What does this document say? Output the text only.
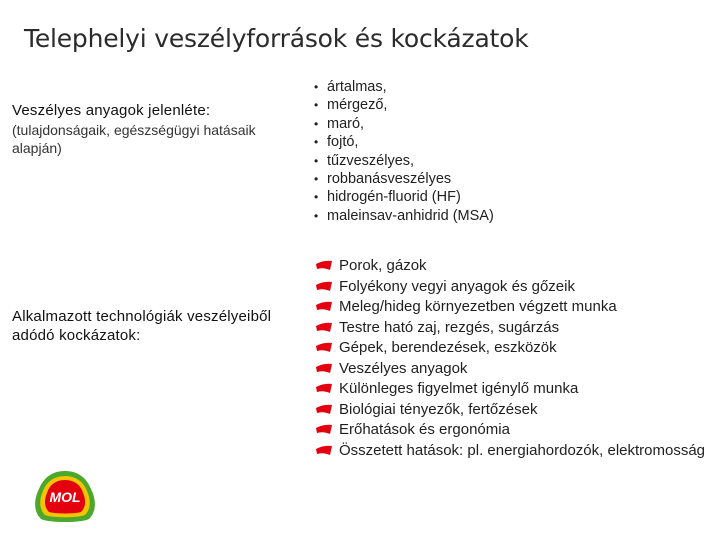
Telephelyi veszélyforrások és kockázatok
Veszélyes anyagok jelenléte:
(tulajdonságaik, egészségügyi hatásaik alapján)
• ártalmas,
• mérgező,
• maró,
• fojtó,
• tűzveszélyes,
• robbanásveszélyes
• hidrogén-fluorid (HF)
• maleinsav-anhidrid (MSA)
Alkalmazott technológiák veszélyeiből adódó kockázatok:
Porok, gázok
Folyékony vegyi anyagok és gőzeik
Meleg/hideg környezetben végzett munka
Testre ható zaj, rezgés, sugárzás
Gépek, berendezések, eszközök
Veszélyes anyagok
Különleges figyelmet igénylő munka
Biológiai tényezők, fertőzések
Erőhatások és ergonómia
Összetett hatások: pl. energiahordozók, elektromosság
MOL
